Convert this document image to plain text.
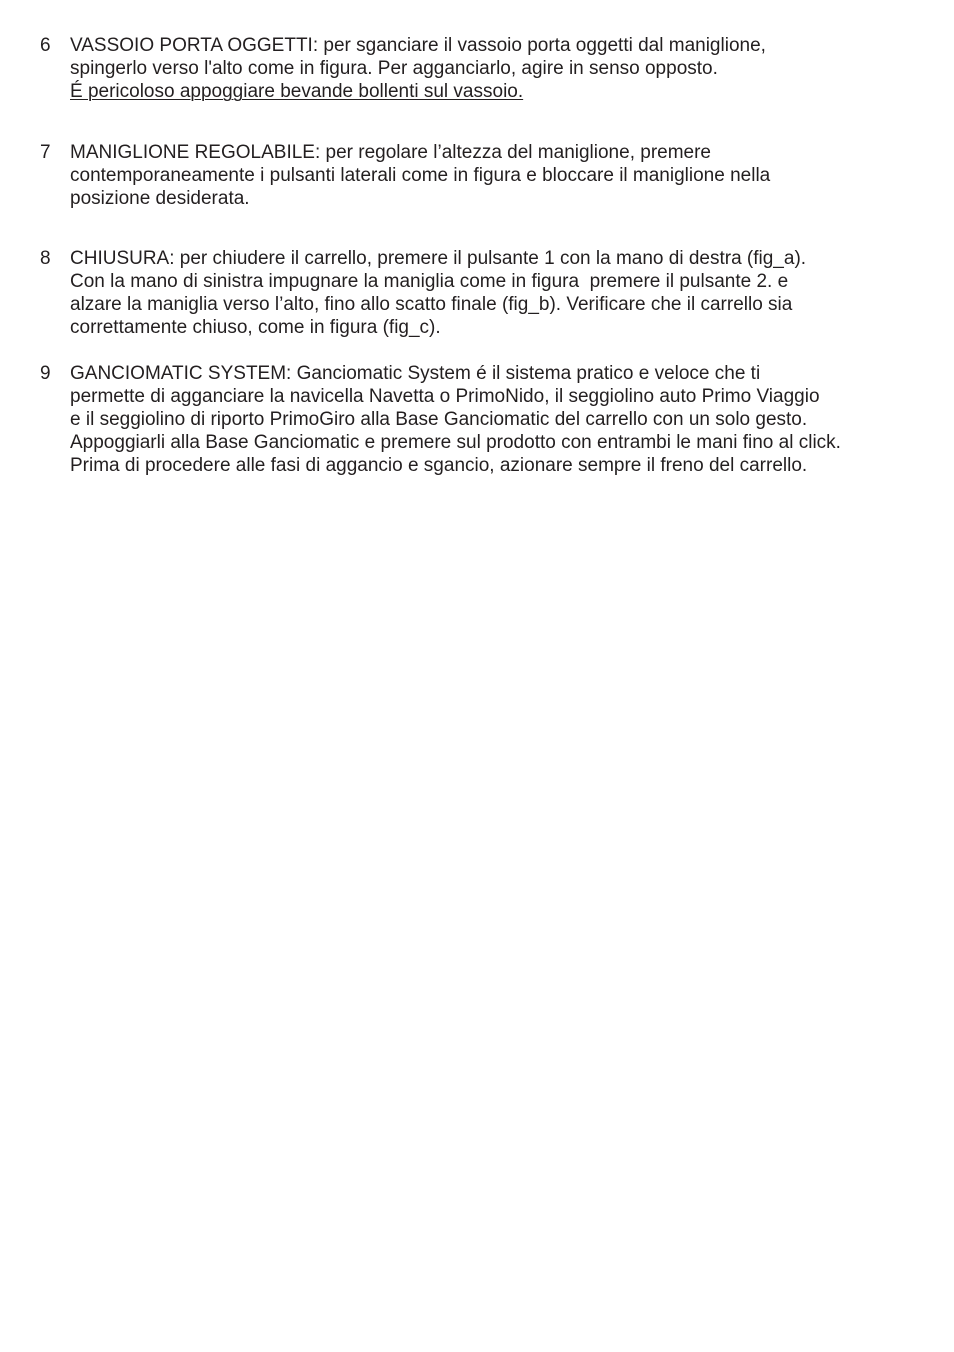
6	VASSOIO PORTA OGGETTI: per sganciare il vassoio porta oggetti dal maniglione,
spingerlo verso l'alto come in figura. Per agganciarlo, agire in senso opposto.
É pericoloso appoggiare bevande bollenti sul vassoio.
7	MANIGLIONE REGOLABILE: per regolare l’altezza del maniglione, premere
contemporaneamente i pulsanti laterali come in figura e bloccare il maniglione nella
posizione desiderata.
8	CHIUSURA: per chiudere il carrello, premere il pulsante 1 con la mano di destra (fig_a).
Con la mano di sinistra impugnare la maniglia come in figura  premere il pulsante 2. e
alzare la maniglia verso l’alto, fino allo scatto finale (fig_b). Verificare che il carrello sia
correttamente chiuso, come in figura (fig_c).
9	GANCIOMATIC SYSTEM: Ganciomatic System é il sistema pratico e veloce che ti
permette di agganciare la navicella Navetta o PrimoNido, il seggiolino auto Primo Viaggio
e il seggiolino di riporto PrimoGiro alla Base Ganciomatic del carrello con un solo gesto.
Appoggiarli alla Base Ganciomatic e premere sul prodotto con entrambi le mani fino al click.
Prima di procedere alle fasi di aggancio e sgancio, azionare sempre il freno del carrello.
